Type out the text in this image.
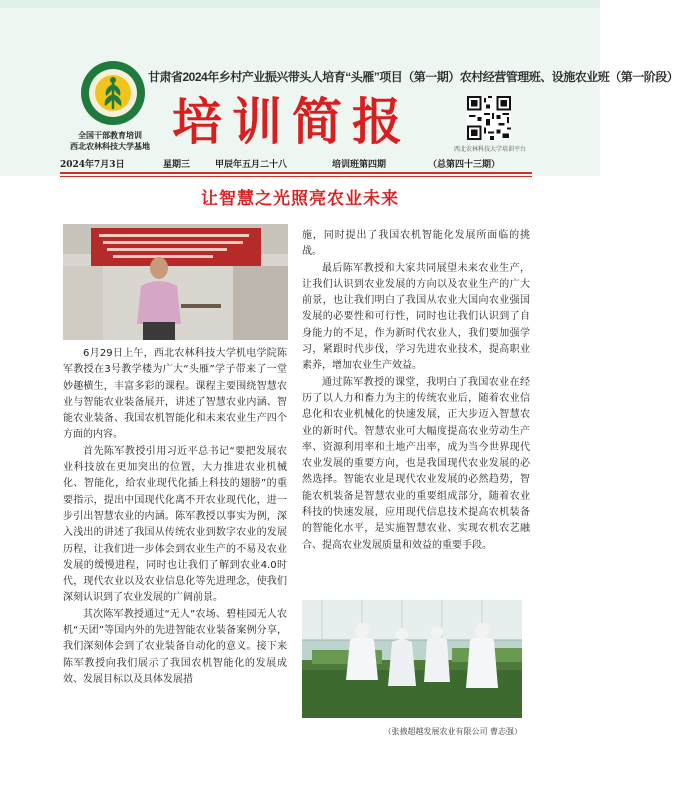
全国干部教育培训
西北农林科技大学基地
甘肃省2024年乡村产业振兴带头人培育“头雁”项目（第一期）农村经营管理班、设施农业班（第一阶段）
培训简报	西北农林科技大学培训平台
2024年7月3日	星期三	甲辰年五月二十八	培训班第四期	（总第四十三期）
让智慧之光照亮农业未来

6月29日上午，西北农林科技大学机电学院陈军教授在3号教学楼为广大“头雁”学子带来了一堂妙趣横生，丰富多彩的课程。课程主要围绕智慧农业与智能农业装备展开，讲述了智慧农业内涵、智能农业装备、我国农机智能化和未来农业生产四个方面的内容。

首先陈军教授引用习近平总书记“要把发展农业科技放在更加突出的位置，大力推进农业机械化、智能化，给农业现代化插上科技的翅膀”的重要指示，提出中国现代化离不开农业现代化，进一步引出智慧农业的内涵。陈军教授以事实为例，深入浅出的讲述了我国从传统农业到数字农业的发展历程，让我们进一步体会到农业生产的不易及农业发展的缓慢进程，同时也让我们了解到农业4.0时代，现代农业以及农业信息化等先进理念，使我们深刻认识到了农业发展的广阔前景。

其次陈军教授通过“无人”农场、碧桂园无人农机“天团”等国内外的先进智能农业装备案例分享，我们深刻体会到了农业装备自动化的意义。接下来陈军教授向我们展示了我国农机智能化的发展成效、发展目标以及具体发展措

施，同时提出了我国农机智能化发展所面临的挑战。

最后陈军教授和大家共同展望未来农业生产，让我们认识到农业发展的方向以及农业生产的广大前景，也让我们明白了我国从农业大国向农业强国发展的必要性和可行性，同时也让我们认识到了自身能力的不足，作为新时代农业人，我们要加强学习，紧跟时代步伐，学习先进农业技术，提高职业素养，增加农业生产效益。

通过陈军教授的课堂，我明白了我国农业在经历了以人力和畜力为主的传统农业后，随着农业信息化和农业机械化的快速发展，正大步迈入智慧农业的新时代。智慧农业可大幅度提高农业劳动生产率、资源利用率和土地产出率，成为当今世界现代农业发展的重要方向，也是我国现代农业发展的必然选择。智能农业是现代农业发展的必然趋势，智能农机装备是智慧农业的重要组成部分，随着农业科技的快速发展，应用现代信息技术提高农机装备的智能化水平，是实施智慧农业、实现农机农艺融合、提高农业发展质量和效益的重要手段。

（张掖超越发展农业有限公司 曹志强）
